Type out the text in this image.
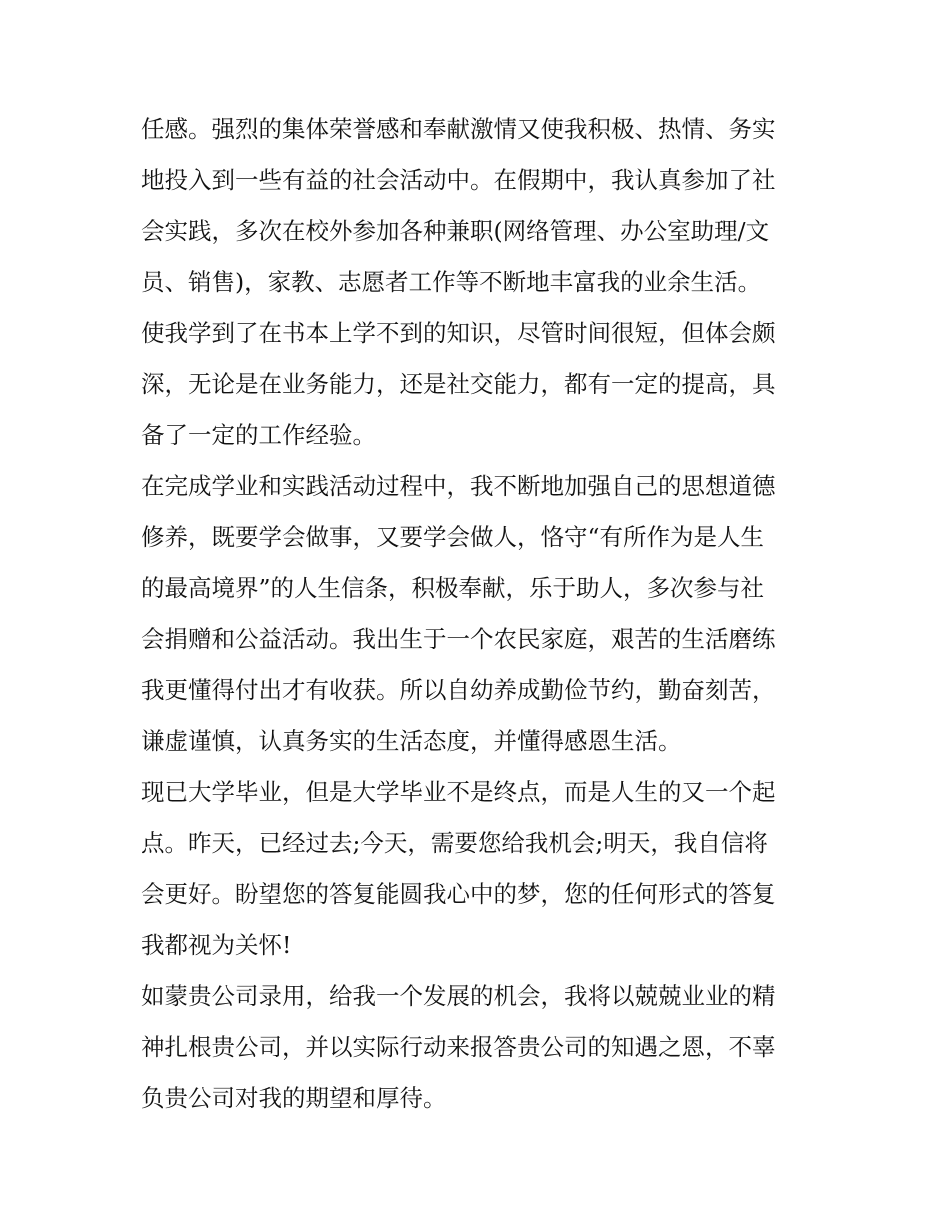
任感。强烈的集体荣誉感和奉献激情又使我积极、热情、务实
地投入到一些有益的社会活动中。在假期中，我认真参加了社
会实践，多次在校外参加各种兼职(网络管理、办公室助理/文
员、销售)，家教、志愿者工作等不断地丰富我的业余生活。
使我学到了在书本上学不到的知识，尽管时间很短，但体会颇
深，无论是在业务能力，还是社交能力，都有一定的提高，具
备了一定的工作经验。
在完成学业和实践活动过程中，我不断地加强自己的思想道德
修养，既要学会做事，又要学会做人，恪守“有所作为是人生
的最高境界”的人生信条，积极奉献，乐于助人，多次参与社
会捐赠和公益活动。我出生于一个农民家庭，艰苦的生活磨练
我更懂得付出才有收获。所以自幼养成勤俭节约，勤奋刻苦，
谦虚谨慎，认真务实的生活态度，并懂得感恩生活。
现已大学毕业，但是大学毕业不是终点，而是人生的又一个起
点。昨天，已经过去;今天，需要您给我机会;明天，我自信将
会更好。盼望您的答复能圆我心中的梦，您的任何形式的答复
我都视为关怀!
如蒙贵公司录用，给我一个发展的机会，我将以兢兢业业的精
神扎根贵公司，并以实际行动来报答贵公司的知遇之恩，不辜
负贵公司对我的期望和厚待。
